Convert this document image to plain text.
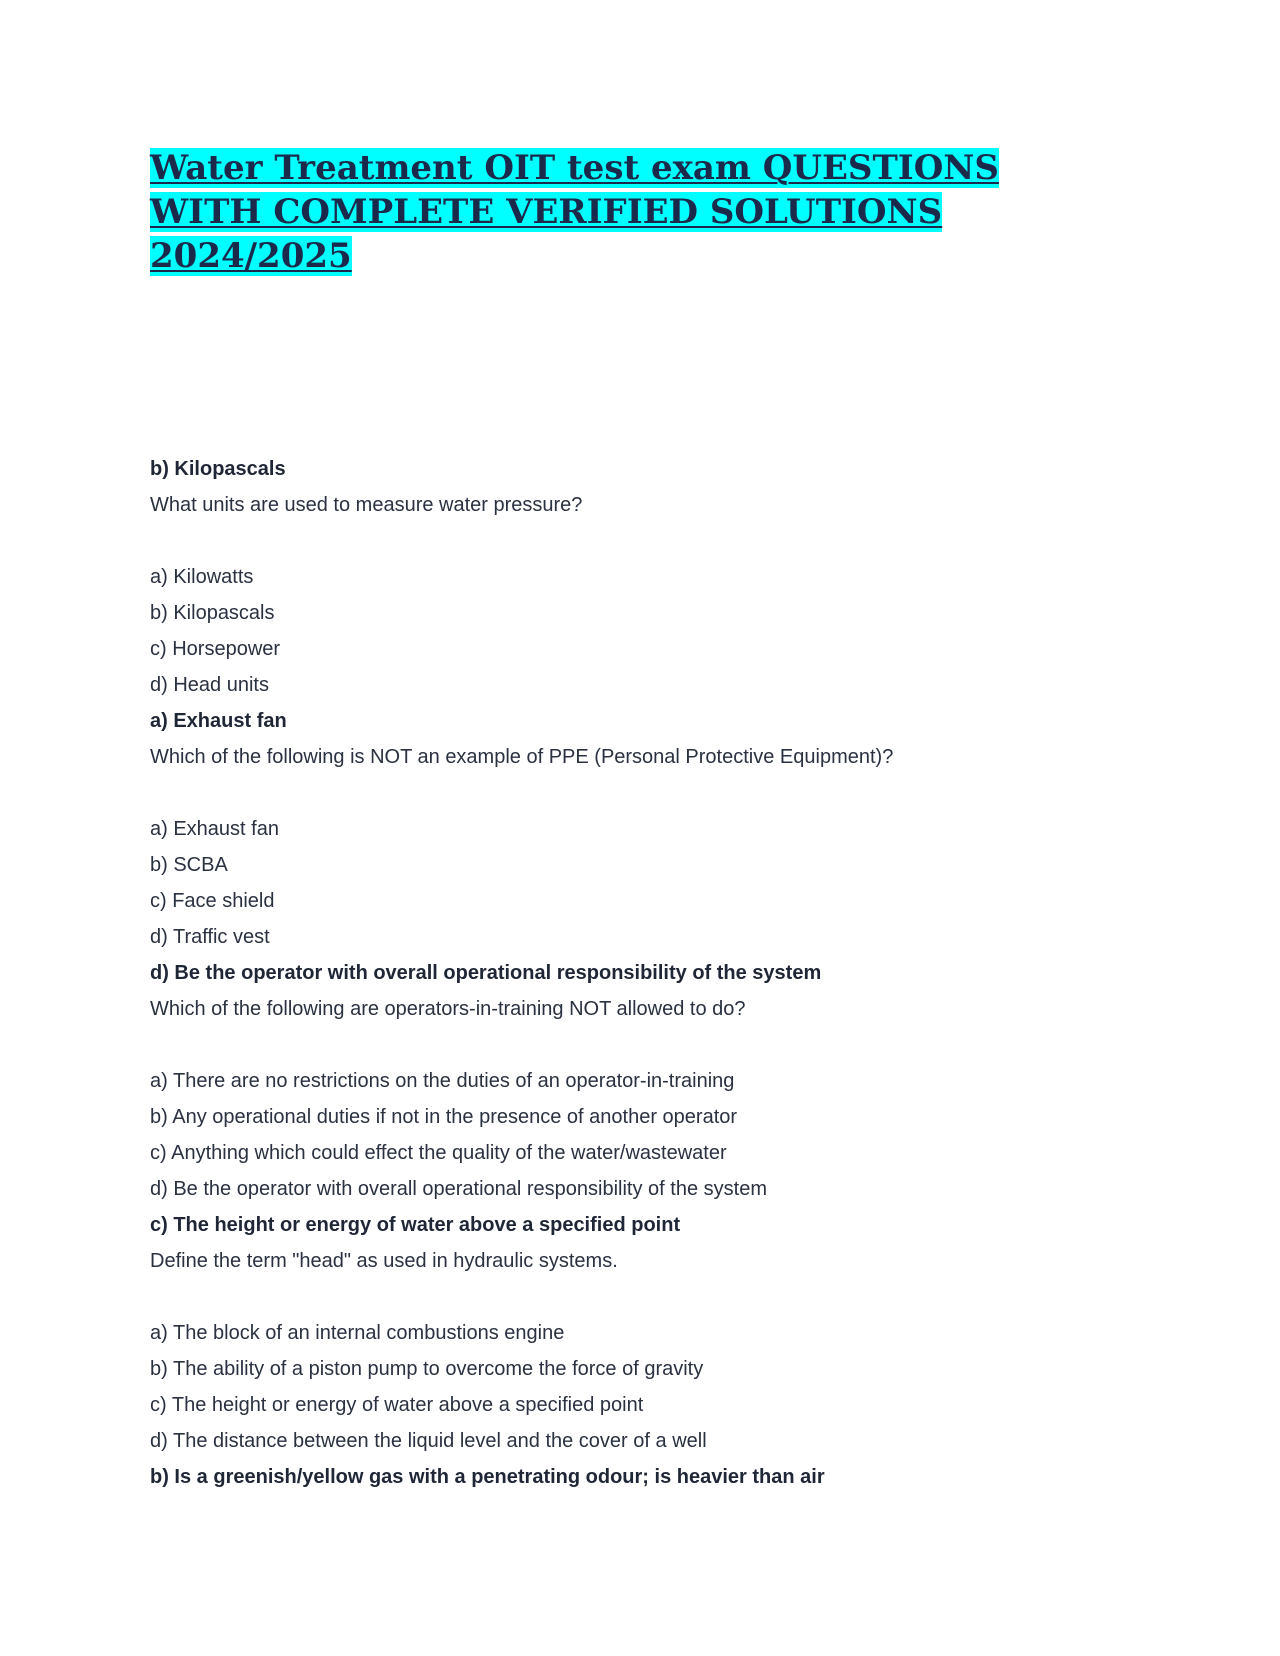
Water Treatment OIT test exam QUESTIONS
WITH COMPLETE VERIFIED SOLUTIONS
2024/2025
b) Kilopascals
What units are used to measure water pressure?
a) Kilowatts
b) Kilopascals
c) Horsepower
d) Head units
a) Exhaust fan
Which of the following is NOT an example of PPE (Personal Protective Equipment)?
a) Exhaust fan
b) SCBA
c) Face shield
d) Traffic vest
d) Be the operator with overall operational responsibility of the system
Which of the following are operators-in-training NOT allowed to do?
a) There are no restrictions on the duties of an operator-in-training
b) Any operational duties if not in the presence of another operator
c) Anything which could effect the quality of the water/wastewater
d) Be the operator with overall operational responsibility of the system
c) The height or energy of water above a specified point
Define the term "head" as used in hydraulic systems.
a) The block of an internal combustions engine
b) The ability of a piston pump to overcome the force of gravity
c) The height or energy of water above a specified point
d) The distance between the liquid level and the cover of a well
b) Is a greenish/yellow gas with a penetrating odour; is heavier than air
